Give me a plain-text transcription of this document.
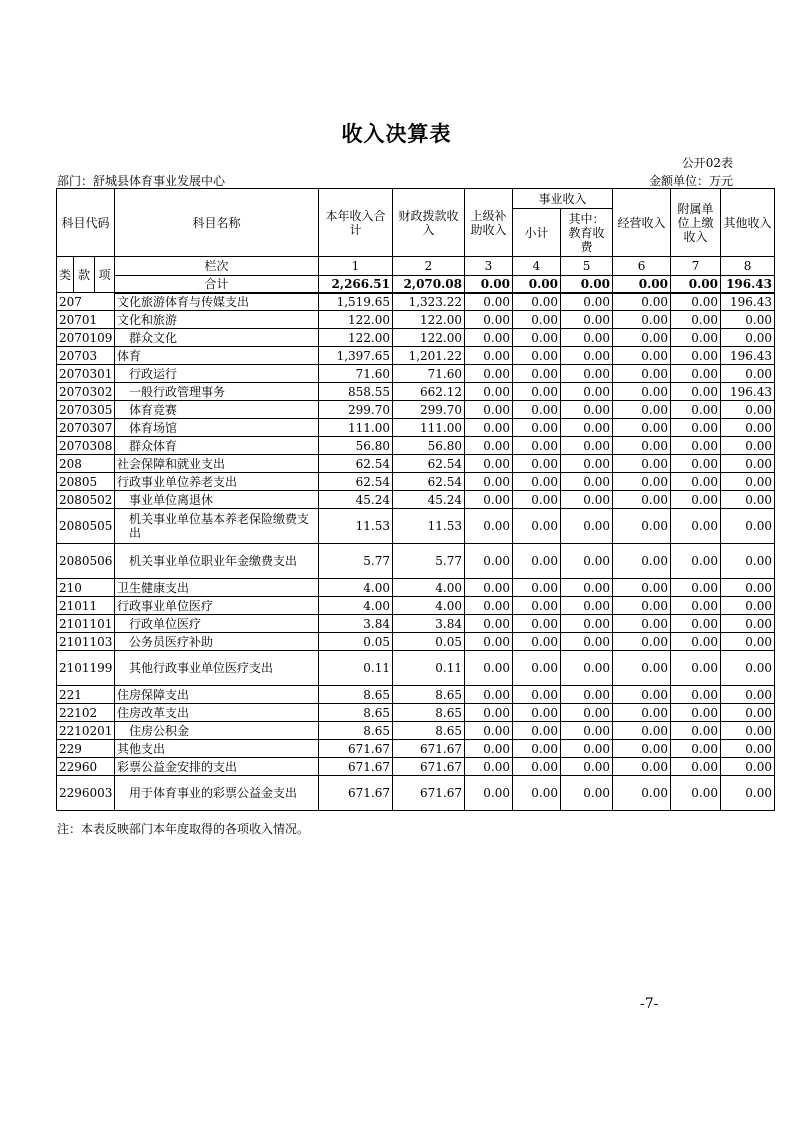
收入决算表
公开02表
部门：舒城县体育事业发展中心	金额单位：万元
科目代码			科目名称	本年收入合计	财政拨款收入	上级补助收入	事业收入		经营收入	附属单位上缴收入	其他收入
							小计	其中：教育收费			

类	款	项	栏次	1	2	3	4	5	6	7	8
			合计	2,266.51	2,070.08	0.00	0.00	0.00	0.00	0.00	196.43
207			文化旅游体育与传媒支出	1,519.65	1,323.22	0.00	0.00	0.00	0.00	0.00	196.43
20701			文化和旅游	122.00	122.00	0.00	0.00	0.00	0.00	0.00	0.00
2070109			群众文化	122.00	122.00	0.00	0.00	0.00	0.00	0.00	0.00
20703			体育	1,397.65	1,201.22	0.00	0.00	0.00	0.00	0.00	196.43
2070301			行政运行	71.60	71.60	0.00	0.00	0.00	0.00	0.00	0.00
2070302			一般行政管理事务	858.55	662.12	0.00	0.00	0.00	0.00	0.00	196.43
2070305			体育竞赛	299.70	299.70	0.00	0.00	0.00	0.00	0.00	0.00
2070307			体育场馆	111.00	111.00	0.00	0.00	0.00	0.00	0.00	0.00
2070308			群众体育	56.80	56.80	0.00	0.00	0.00	0.00	0.00	0.00
208			社会保障和就业支出	62.54	62.54	0.00	0.00	0.00	0.00	0.00	0.00
20805			行政事业单位养老支出	62.54	62.54	0.00	0.00	0.00	0.00	0.00	0.00
2080502			事业单位离退休	45.24	45.24	0.00	0.00	0.00	0.00	0.00	0.00
2080505			机关事业单位基本养老保险缴费支出	11.53	11.53	0.00	0.00	0.00	0.00	0.00	0.00
2080506			机关事业单位职业年金缴费支出	5.77	5.77	0.00	0.00	0.00	0.00	0.00	0.00
210			卫生健康支出	4.00	4.00	0.00	0.00	0.00	0.00	0.00	0.00
21011			行政事业单位医疗	4.00	4.00	0.00	0.00	0.00	0.00	0.00	0.00
2101101			行政单位医疗	3.84	3.84	0.00	0.00	0.00	0.00	0.00	0.00
2101103			公务员医疗补助	0.05	0.05	0.00	0.00	0.00	0.00	0.00	0.00
2101199			其他行政事业单位医疗支出	0.11	0.11	0.00	0.00	0.00	0.00	0.00	0.00
221			住房保障支出	8.65	8.65	0.00	0.00	0.00	0.00	0.00	0.00
22102			住房改革支出	8.65	8.65	0.00	0.00	0.00	0.00	0.00	0.00
2210201			住房公积金	8.65	8.65	0.00	0.00	0.00	0.00	0.00	0.00
229			其他支出	671.67	671.67	0.00	0.00	0.00	0.00	0.00	0.00
22960			彩票公益金安排的支出	671.67	671.67	0.00	0.00	0.00	0.00	0.00	0.00
2296003			用于体育事业的彩票公益金支出	671.67	671.67	0.00	0.00	0.00	0.00	0.00	0.00
注：本表反映部门本年度取得的各项收入情况。
-7-
